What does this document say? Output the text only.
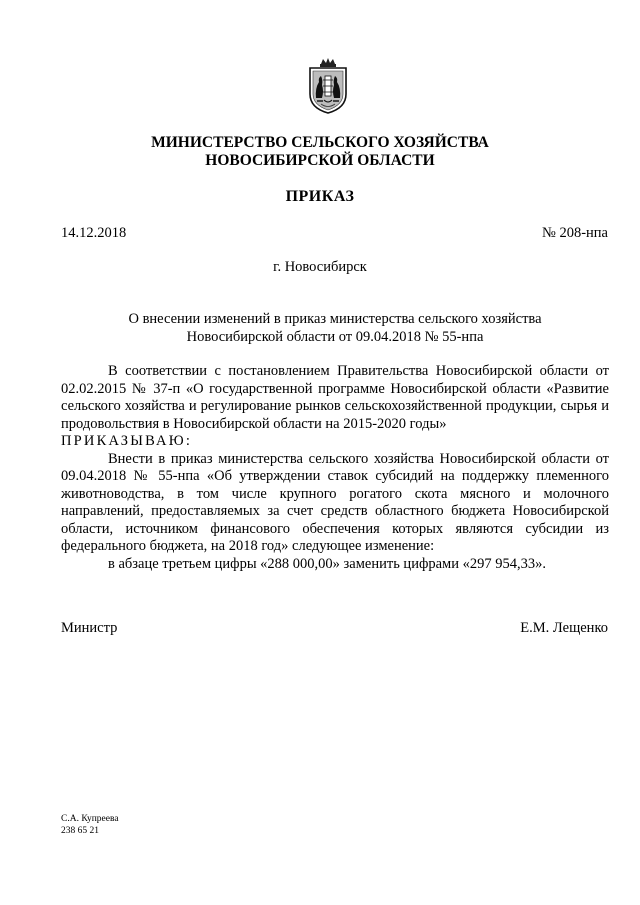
МИНИСТЕРСТВО СЕЛЬСКОГО ХОЗЯЙСТВА
НОВОСИБИРСКОЙ ОБЛАСТИ
ПРИКАЗ
14.12.2018	№ 208-нпа
г. Новосибирск
О внесении изменений в приказ министерства сельского хозяйства
Новосибирской области от 09.04.2018 № 55-нпа

В соответствии с постановлением Правительства Новосибирской области от 02.02.2015 № 37-п «О государственной программе Новосибирской области «Развитие сельского хозяйства и регулирование рынков сельскохозяйственной продукции, сырья и продовольствия в Новосибирской области на 2015-2020 годы»

ПРИКАЗЫВАЮ:

Внести в приказ министерства сельского хозяйства Новосибирской области от 09.04.2018 № 55-нпа «Об утверждении ставок субсидий на поддержку племенного животноводства, в том числе крупного рогатого скота мясного и молочного направлений, предоставляемых за счет средств областного бюджета Новосибирской области, источником финансового обеспечения которых являются субсидии из федерального бюджета, на 2018 год» следующее изменение:

в абзаце третьем цифры «288 000,00» заменить цифрами «297 954,33».

Министр	Е.М. Лещенко
С.А. Купреева
238 65 21
